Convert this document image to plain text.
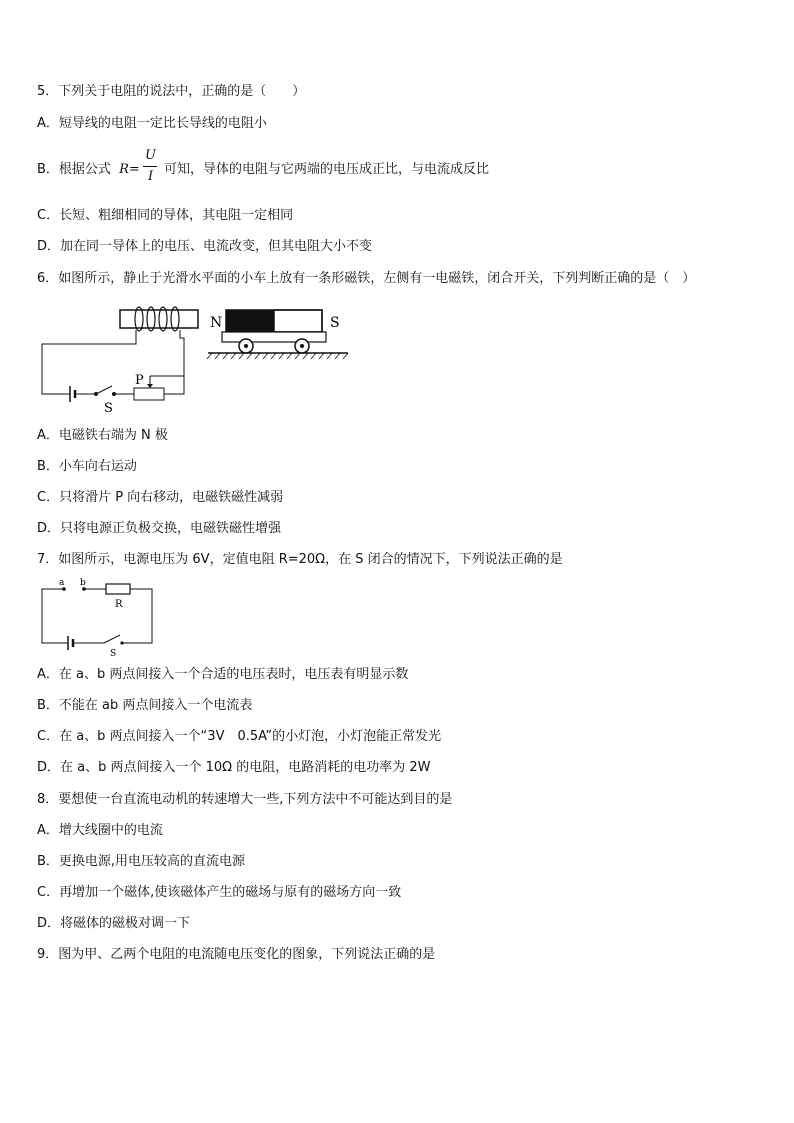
5．下列关于电阻的说法中，正确的是（　　）
A．短导线的电阻一定比长导线的电阻小
B．根据公式 R= 可知，导体的电阻与它两端的电压成正比，与电流成反比
U
I
C．长短、粗细相同的导体，其电阻一定相同
D．加在同一导体上的电压、电流改变，但其电阻大小不变
6．如图所示，静止于光滑水平面的小车上放有一条形磁铁，左侧有一电磁铁，闭合开关，下列判断正确的是（　）
P
S
N	S
A．电磁铁右端为 N 极
B．小车向右运动
C．只将滑片 P 向右移动，电磁铁磁性减弱
D．只将电源正负极交换，电磁铁磁性增强
7．如图所示，电源电压为 6V，定值电阻 R=20Ω，在 S 闭合的情况下，下列说法正确的是
a b
R
S
A．在 a、b 两点间接入一个合适的电压表时，电压表有明显示数
B．不能在 ab 两点间接入一个电流表
C．在 a、b 两点间接入一个“3V　0.5A”的小灯泡，小灯泡能正常发光
D．在 a、b 两点间接入一个 10Ω 的电阻，电路消耗的电功率为 2W
8．要想使一台直流电动机的转速增大一些,下列方法中不可能达到目的是
A．增大线圈中的电流
B．更换电源,用电压较高的直流电源
C．再增加一个磁体,使该磁体产生的磁场与原有的磁场方向一致
D．将磁体的磁极对调一下
9．图为甲、乙两个电阻的电流随电压变化的图象，下列说法正确的是
